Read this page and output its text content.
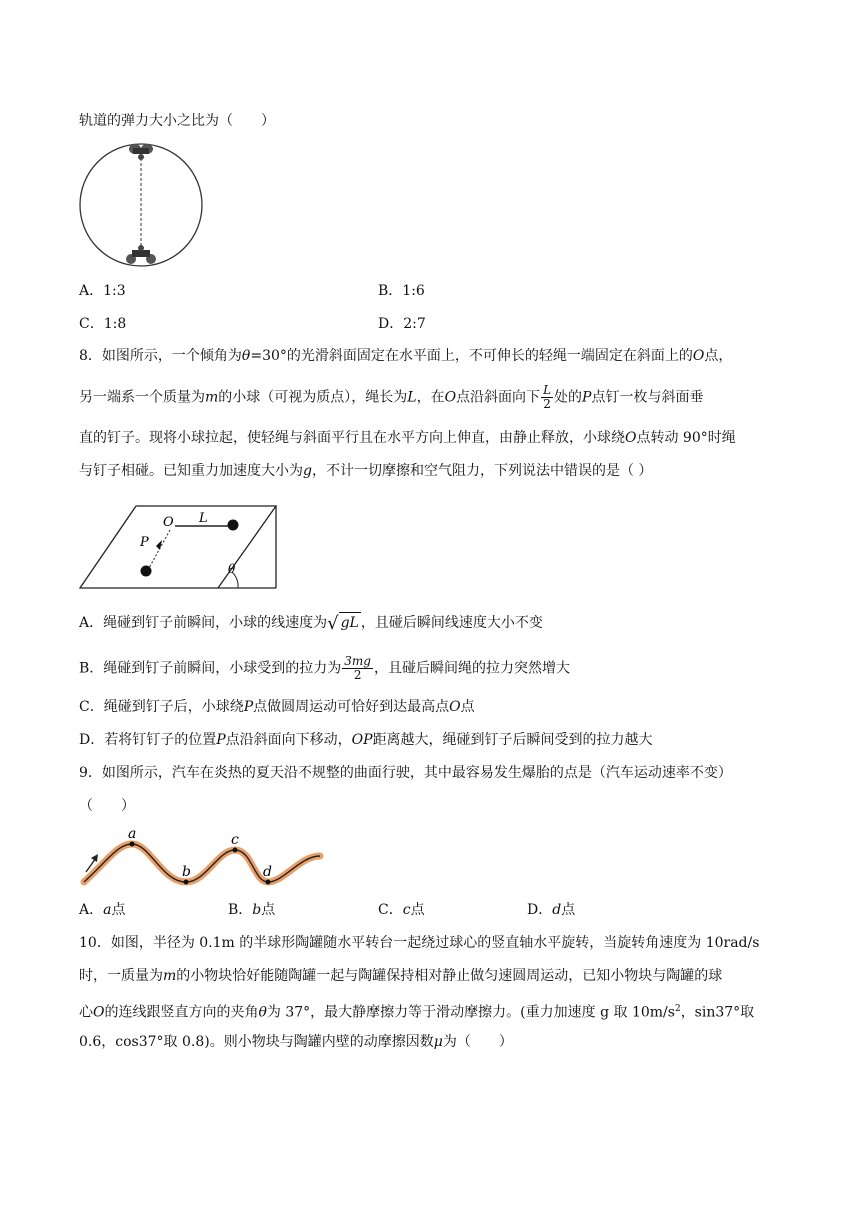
轨道的弹力大小之比为（　　）
A．1:3	B．1:6
C．1:8	D．2:7
8．如图所示，一个倾角为θ=30°的光滑斜面固定在水平面上，不可伸长的轻绳一端固定在斜面上的O点，
另一端系一个质量为m的小球（可视为质点），绳长为L，在O点沿斜面向下 $\frac{L}{2}$ 处的P点钉一枚与斜面垂
直的钉子。现将小球拉起，使轻绳与斜面平行且在水平方向上伸直，由静止释放，小球绕O点转动 90°时绳
与钉子相碰。已知重力加速度大小为g，不计一切摩擦和空气阻力，下列说法中错误的是（ ）
O L
P
θ
A．绳碰到钉子前瞬间，小球的线速度为√ gL ，且碰后瞬间线速度大小不变
B．绳碰到钉子前瞬间，小球受到的拉力为 $\frac{3mg}{2}$ ，且碰后瞬间绳的拉力突然增大
C．绳碰到钉子后，小球绕P点做圆周运动可恰好到达最高点O点
D．若将钉钉子的位置P点沿斜面向下移动，OP距离越大，绳碰到钉子后瞬间受到的拉力越大
9．如图所示，汽车在炎热的夏天沿不规整的曲面行驶，其中最容易发生爆胎的点是（汽车运动速率不变）
（　　）
a
b
c
d
A．a点	B．b点	C．c点	D．d点
10．如图，半径为 0.1m 的半球形陶罐随水平转台一起绕过球心的竖直轴水平旋转，当旋转角速度为 10rad/s
时，一质量为m的小物块恰好能随陶罐一起与陶罐保持相对静止做匀速圆周运动，已知小物块与陶罐的球
心O的连线跟竖直方向的夹角θ为 37°，最大静摩擦力等于滑动摩擦力。(重力加速度 g 取 $10m/s^2$，sin37°取
0.6，cos37°取 0.8)。则小物块与陶罐内壁的动摩擦因数μ为（　　）
